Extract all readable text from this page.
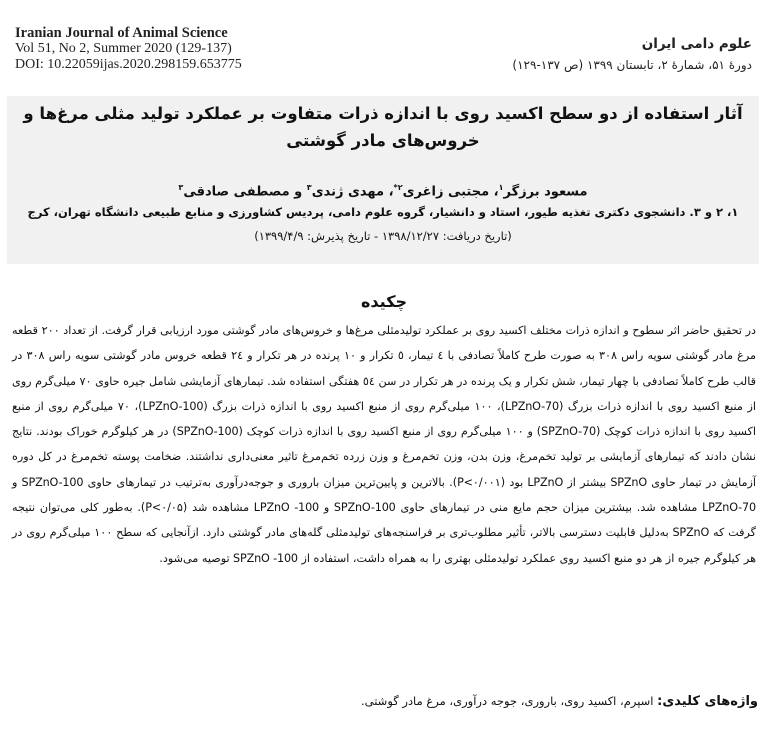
Iranian Journal of Animal Science
Vol 51, No 2, Summer 2020 (129-137)
DOI: 10.22059ijas.2020.298159.653775
علوم دامی ایران
دورۀ ۵۱، شمارۀ ۲، تابستان ۱۳۹۹ (ص ۱۳۷-۱۲۹)
آثار استفاده از دو سطح اکسید روی با اندازه ذرات متفاوت بر عملکرد تولید مثلی مرغ‌ها و خروس‌های مادر گوشتی
مسعود برزگر$^۱$، مجتبی زاغری$^{۲*}$، مهدی ژندی$^۳$ و مصطفی صادقی$^۳$
۱، ۲ و ۳. دانشجوی دکتری تغذیه طیور، استاد و دانشیار، گروه علوم دامی، پردیس کشاورزی و منابع طبیعی دانشگاه تهران، کرج
(تاریخ دریافت: ۱۳۹۸/۱۲/۲۷ - تاریخ پذیرش: ۱۳۹۹/۴/۹)
چکیده
در تحقیق حاضر اثر سطوح و اندازه ذرات مختلف اکسید روی بر عملکرد تولیدمثلی مرغ‌ها و خروس‌های مادر گوشتی مورد ارزیابی قرار گرفت. از تعداد ۲۰۰ قطعه مرغ مادر گوشتی سویه راس ۳۰۸ به صورت طرح کاملاً تصادفی با ٤ تیمار، ٥ تکرار و ۱۰ پرنده در هر تکرار و ٢٤ قطعه خروس مادر گوشتی سویه راس ۳۰۸ در قالب طرح کاملاً تصادفی با چهار تیمار، شش تکرار و یک پرنده در هر تکرار در سن ٥٤ هفتگی استفاده شد. تیمارهای آزمایشی شامل جیره حاوی ۷۰ میلی‌گرم روی از منبع اکسید روی با اندازه ذرات بزرگ (LPZnO-70)، ۱۰۰ میلی‌گرم روی از منبع اکسید روی با اندازه ذرات بزرگ (LPZnO-100)، ۷۰ میلی‌گرم روی از منبع اکسید روی با اندازه ذرات کوچک (SPZnO-70) و ۱۰۰ میلی‌گرم روی از منبع اکسید روی با اندازه ذرات کوچک (SPZnO-100) در هر کیلوگرم خوراک بودند. نتایج نشان دادند که تیمارهای آزمایشی بر تولید تخم‌مرغ، وزن بدن، وزن تخم‌مرغ و وزن زرده تخم‌مرغ تاثیر معنی‌داری نداشتند. ضخامت پوسته تخم‌مرغ در کل دوره آزمایش در تیمار حاوی SPZnO بیشتر از LPZnO بود (P<۰/۰۰۱). بالاترین و پایین‌ترین میزان باروری و جوجه‌درآوری به‌ترتیب در تیمارهای حاوی SPZnO-100 و LPZnO-70 مشاهده شد. بیشترین میزان حجم مایع منی در تیمارهای حاوی SPZnO-100 و LPZnO -100 مشاهده شد (P<۰/۰۵). به‌طور کلی می‌توان نتیجه گرفت که SPZnO به‌دلیل قابلیت دسترسی بالاتر، تأثیر مطلوب‌تری بر فراسنجه‌های تولیدمثلی گله‌های مادر گوشتی دارد. ازآنجایی که سطح ۱۰۰ میلی‌گرم روی در هر کیلوگرم جیره از هر دو منبع اکسید روی عملکرد تولیدمثلی بهتری را به همراه داشت، استفاده از SPZnO -100 توصیه می‌شود.
واژه‌های کلیدی: اسپرم، اکسید روی، باروری، جوجه درآوری، مرغ مادر گوشتی.
